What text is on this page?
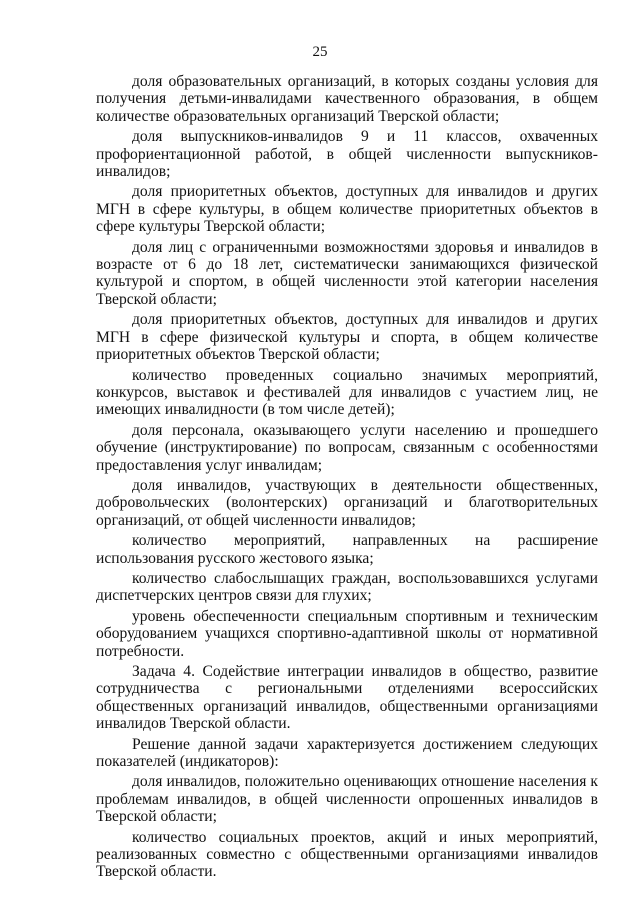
25

доля образовательных организаций, в которых созданы условия для получения детьми-инвалидами качественного образования, в общем количестве образовательных организаций Тверской области;

доля выпускников-инвалидов 9 и 11 классов, охваченных профориентационной работой, в общей численности выпускников-инвалидов;

доля приоритетных объектов, доступных для инвалидов и других МГН в сфере культуры, в общем количестве приоритетных объектов в сфере культуры Тверской области;

доля лиц с ограниченными возможностями здоровья и инвалидов в возрасте от 6 до 18 лет, систематически занимающихся физической культурой и спортом, в общей численности этой категории населения Тверской области;

доля приоритетных объектов, доступных для инвалидов и других МГН в сфере физической культуры и спорта, в общем количестве приоритетных объектов Тверской области;

количество проведенных социально значимых мероприятий, конкурсов, выставок и фестивалей для инвалидов с участием лиц, не имеющих инвалидности (в том числе детей);

доля персонала, оказывающего услуги населению и прошедшего обучение (инструктирование) по вопросам, связанным с особенностями предоставления услуг инвалидам;

доля инвалидов, участвующих в деятельности общественных, добровольческих (волонтерских) организаций и благотворительных организаций, от общей численности инвалидов;

количество мероприятий, направленных на расширение использования русского жестового языка;

количество слабослышащих граждан, воспользовавшихся услугами диспетчерских центров связи для глухих;

уровень обеспеченности специальным спортивным и техническим оборудованием учащихся спортивно-адаптивной школы от нормативной потребности.

Задача 4. Содействие интеграции инвалидов в общество, развитие сотрудничества с региональными отделениями всероссийских общественных организаций инвалидов, общественными организациями инвалидов Тверской области.

Решение данной задачи характеризуется достижением следующих показателей (индикаторов):

доля инвалидов, положительно оценивающих отношение населения к проблемам инвалидов, в общей численности опрошенных инвалидов в Тверской области;

количество социальных проектов, акций и иных мероприятий, реализованных совместно с общественными организациями инвалидов Тверской области.
